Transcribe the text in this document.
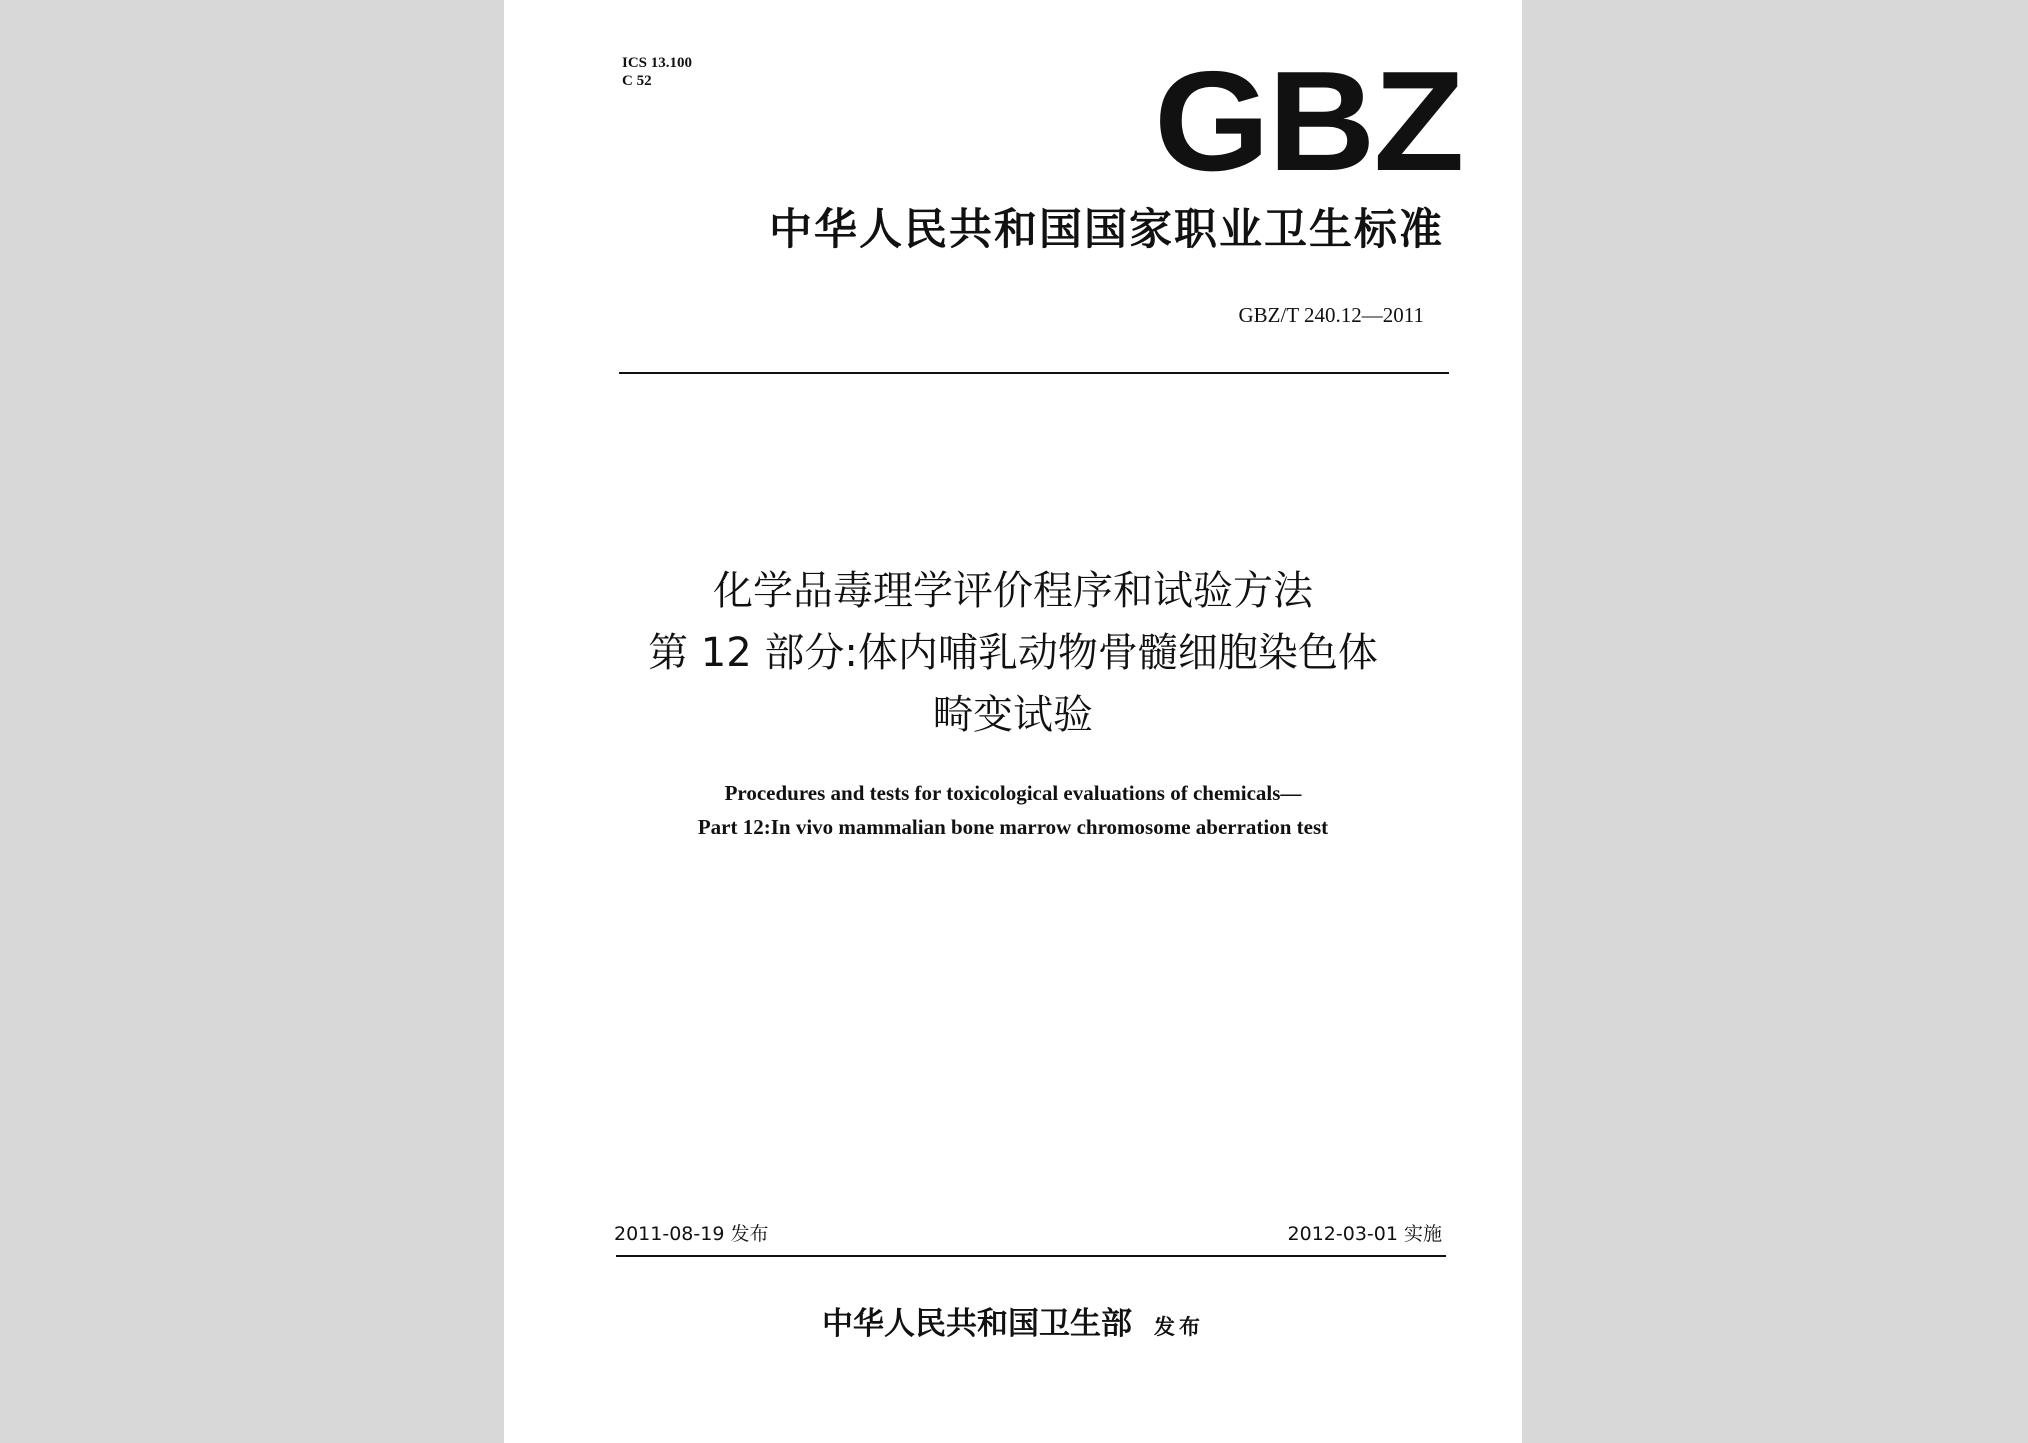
ICS 13.100
C 52	GBZ
中华人民共和国国家职业卫生标准
GBZ/T 240.12—2011
化学品毒理学评价程序和试验方法
第 12 部分:体内哺乳动物骨髓细胞染色体
畸变试验
Procedures and tests for toxicological evaluations of chemicals—
Part 12:In vivo mammalian bone marrow chromosome aberration test
2011-08-19 发布	2012-03-01 实施
中华人民共和国卫生部 发布
